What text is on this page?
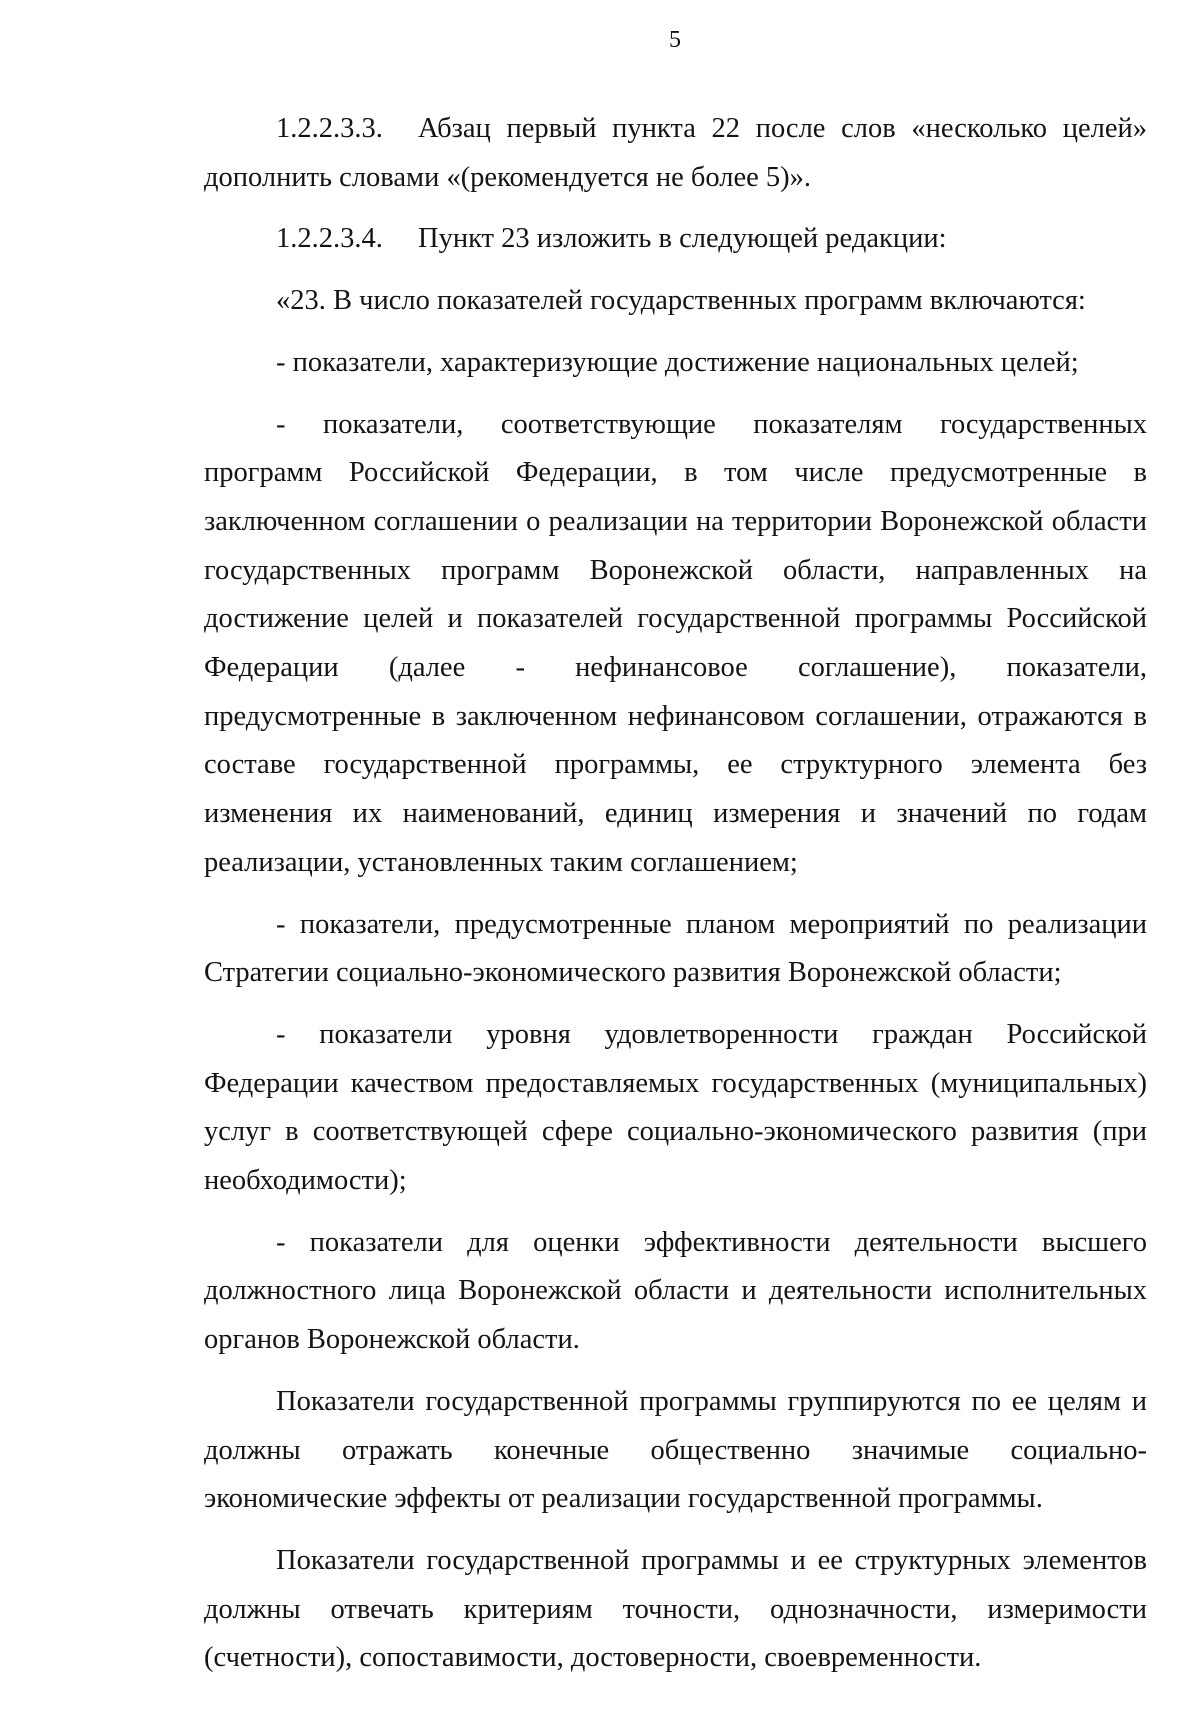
5

1.2.2.3.3. Абзац первый пункта 22 после слов «несколько целей» дополнить словами «(рекомендуется не более 5)».

1.2.2.3.4. Пункт 23 изложить в следующей редакции:

«23. В число показателей государственных программ включаются:

- показатели, характеризующие достижение национальных целей;

- показатели, соответствующие показателям государственных программ Российской Федерации, в том числе предусмотренные в заключенном соглашении о реализации на территории Воронежской области государственных программ Воронежской области, направленных на достижение целей и показателей государственной программы Российской Федерации (далее - нефинансовое соглашение), показатели, предусмотренные в заключенном нефинансовом соглашении, отражаются в составе государственной программы, ее структурного элемента без изменения их наименований, единиц измерения и значений по годам реализации, установленных таким соглашением;

- показатели, предусмотренные планом мероприятий по реализации Стратегии социально-экономического развития Воронежской области;

- показатели уровня удовлетворенности граждан Российской Федерации качеством предоставляемых государственных (муниципальных) услуг в соответствующей сфере социально-экономического развития (при необходимости);

- показатели для оценки эффективности деятельности высшего должностного лица Воронежской области и деятельности исполнительных органов Воронежской области.

Показатели государственной программы группируются по ее целям и должны отражать конечные общественно значимые социально-экономические эффекты от реализации государственной программы.

Показатели государственной программы и ее структурных элементов должны отвечать критериям точности, однозначности, измеримости (счетности), сопоставимости, достоверности, своевременности.
